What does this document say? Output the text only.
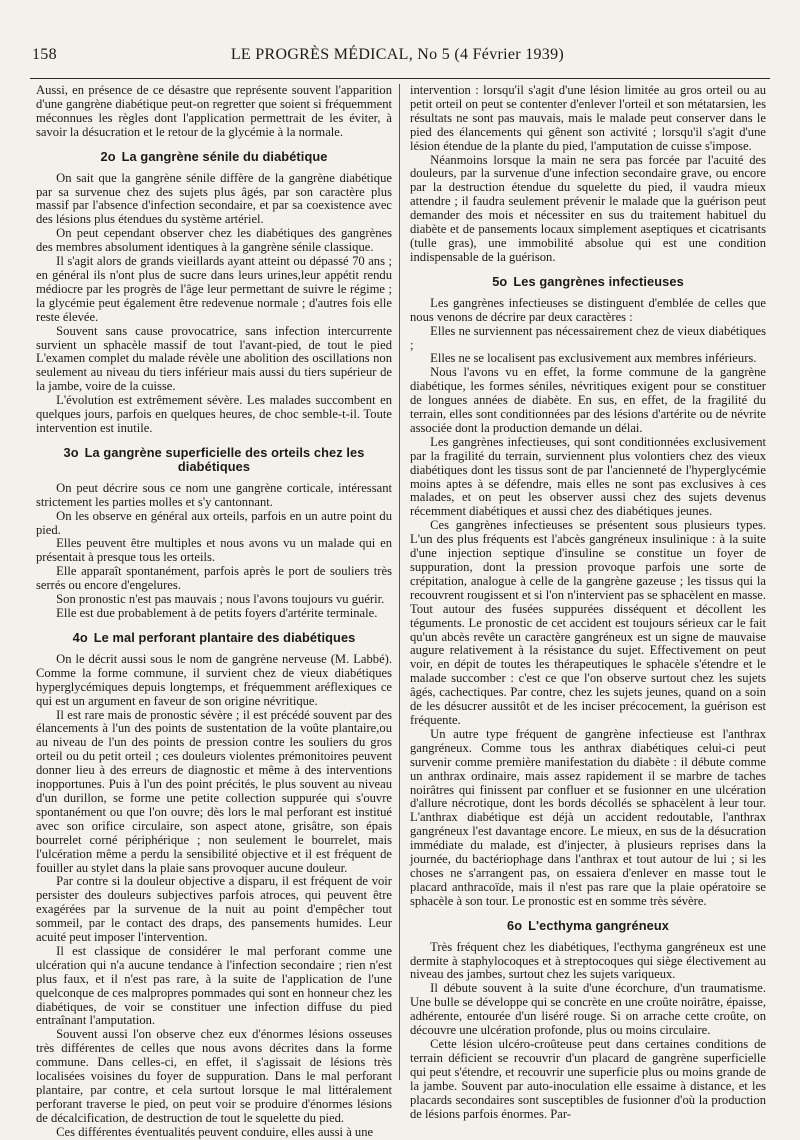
158	LE PROGRÈS MÉDICAL, No 5 (4 Février 1939)

Aussi, en présence de ce désastre que représente souvent l'apparition d'une gangrène diabétique peut-on regretter que soient si fréquemment méconnues les règles dont l'application permettrait de les éviter, à savoir la désucration et le retour de la glycémie à la normale.

2o La gangrène sénile du diabétique

On sait que la gangrène sénile diffère de la gangrène diabétique par sa survenue chez des sujets plus âgés, par son caractère plus massif par l'absence d'infection secondaire, et par sa coexistence avec des lésions plus étendues du système artériel.

On peut cependant observer chez les diabétiques des gangrènes des membres absolument identiques à la gangrène sénile classique.

Il s'agit alors de grands vieillards ayant atteint ou dépassé 70 ans ; en général ils n'ont plus de sucre dans leurs urines,leur appétit rendu médiocre par les progrès de l'âge leur permettant de suivre le régime ; la glycémie peut également être redevenue normale ; d'autres fois elle reste élevée.

Souvent sans cause provocatrice, sans infection intercurrente survient un sphacèle massif de tout l'avant-pied, de tout le pied L'examen complet du malade révèle une abolition des oscillations non seulement au niveau du tiers inférieur mais aussi du tiers supérieur de la jambe, voire de la cuisse.

L'évolution est extrêmement sévère. Les malades succombent en quelques jours, parfois en quelques heures, de choc semble-t-il. Toute intervention est inutile.

3o La gangrène superficielle des orteils chez les diabétiques

On peut décrire sous ce nom une gangrène corticale, intéressant strictement les parties molles et s'y cantonnant.

On les observe en général aux orteils, parfois en un autre point du pied.

Elles peuvent être multiples et nous avons vu un malade qui en présentait à presque tous les orteils.

Elle apparaît spontanément, parfois après le port de souliers très serrés ou encore d'engelures.

Son pronostic n'est pas mauvais ; nous l'avons toujours vu guérir.

Elle est due probablement à de petits foyers d'artérite terminale.

4o Le mal perforant plantaire des diabétiques

On le décrit aussi sous le nom de gangrène nerveuse (M. Labbé). Comme la forme commune, il survient chez de vieux diabétiques hyperglycémiques depuis longtemps, et fréquemment aréflexiques ce qui est un argument en faveur de son origine névritique.

Il est rare mais de pronostic sévère ; il est précédé souvent par des élancements à l'un des points de sustentation de la voûte plantaire,ou au niveau de l'un des points de pression contre les souliers du gros orteil ou du petit orteil ; ces douleurs violentes prémonitoires peuvent donner lieu à des erreurs de diagnostic et même à des interventions inopportunes. Puis à l'un des point précités, le plus souvent au niveau d'un durillon, se forme une petite collection suppurée qui s'ouvre spontanément ou que l'on ouvre; dès lors le mal perforant est institué avec son orifice circulaire, son aspect atone, grisâtre, son épais bourrelet corné périphérique ; non seulement le bourrelet, mais l'ulcération même a perdu la sensibilité objective et il est fréquent de fouiller au stylet dans la plaie sans provoquer aucune douleur.

Par contre si la douleur objective a disparu, il est fréquent de voir persister des douleurs subjectives parfois atroces, qui peuvent être exagérées par la survenue de la nuit au point d'empêcher tout sommeil, par le contact des draps, des pansements humides. Leur acuité peut imposer l'intervention.

Il est classique de considérer le mal perforant comme une ulcération qui n'a aucune tendance à l'infection secondaire ; rien n'est plus faux, et il n'est pas rare, à la suite de l'application de l'une quelconque de ces malpropres pommades qui sont en honneur chez les diabétiques, de voir se constituer une infection diffuse du pied entraînant l'amputation.

Souvent aussi l'on observe chez eux d'énormes lésions osseuses très différentes de celles que nous avons décrites dans la forme commune. Dans celles-ci, en effet, il s'agissait de lésions très localisées voisines du foyer de suppuration. Dans le mal perforant plantaire, par contre, et cela surtout lorsque le mal littéralement perforant traverse le pied, on peut voir se produire d'énormes lésions de décalcification, de destruction de tout le squelette du pied.

Ces différentes éventualités peuvent conduire, elles aussi à une

intervention : lorsqu'il s'agit d'une lésion limitée au gros orteil ou au petit orteil on peut se contenter d'enlever l'orteil et son métatarsien, les résultats ne sont pas mauvais, mais le malade peut conserver dans le pied des élancements qui gênent son activité ; lorsqu'il s'agit d'une lésion étendue de la plante du pied, l'amputation de cuisse s'impose.

Néanmoins lorsque la main ne sera pas forcée par l'acuité des douleurs, par la survenue d'une infection secondaire grave, ou encore par la destruction étendue du squelette du pied, il vaudra mieux attendre ; il faudra seulement prévenir le malade que la guérison peut demander des mois et nécessiter en sus du traitement habituel du diabète et de pansements locaux simplement aseptiques et cicatrisants (tulle gras), une immobilité absolue qui est une condition indispensable de la guérison.

5o Les gangrènes infectieuses

Les gangrènes infectieuses se distinguent d'emblée de celles que nous venons de décrire par deux caractères :

Elles ne surviennent pas nécessairement chez de vieux diabétiques ;

Elles ne se localisent pas exclusivement aux membres inférieurs.

Nous l'avons vu en effet, la forme commune de la gangrène diabétique, les formes séniles, névritiques exigent pour se constituer de longues années de diabète. En sus, en effet, de la fragilité du terrain, elles sont conditionnées par des lésions d'artérite ou de névrite associée dont la production demande un délai.

Les gangrènes infectieuses, qui sont conditionnées exclusivement par la fragilité du terrain, surviennent plus volontiers chez des vieux diabétiques dont les tissus sont de par l'ancienneté de l'hyperglycémie moins aptes à se défendre, mais elles ne sont pas exclusives à ces malades, et on peut les observer aussi chez des sujets devenus récemment diabétiques et aussi chez des diabétiques jeunes.

Ces gangrènes infectieuses se présentent sous plusieurs types. L'un des plus fréquents est l'abcès gangréneux insulinique : à la suite d'une injection septique d'insuline se constitue un foyer de suppuration, dont la pression provoque parfois une sorte de crépitation, analogue à celle de la gangrène gazeuse ; les tissus qui la recouvrent rougissent et si l'on n'intervient pas se sphacèlent en masse. Tout autour des fusées suppurées disséquent et décollent les téguments. Le pronostic de cet accident est toujours sérieux car le fait qu'un abcès revête un caractère gangréneux est un signe de mauvaise augure relativement à la résistance du sujet. Effectivement on peut voir, en dépit de toutes les thérapeutiques le sphacèle s'étendre et le malade succomber : c'est ce que l'on observe surtout chez les sujets âgés, cachectiques. Par contre, chez les sujets jeunes, quand on a soin de les désucrer aussitôt et de les inciser précocement, la guérison est fréquente.

Un autre type fréquent de gangrène infectieuse est l'anthrax gangréneux. Comme tous les anthrax diabétiques celui-ci peut survenir comme première manifestation du diabète : il débute comme un anthrax ordinaire, mais assez rapidement il se marbre de taches noirâtres qui finissent par confluer et se fusionner en une ulcération d'allure nécrotique, dont les bords décollés se sphacèlent à leur tour. L'anthrax diabétique est déjà un accident redoutable, l'anthrax gangréneux l'est davantage encore. Le mieux, en sus de la désucration immédiate du malade, est d'injecter, à plusieurs reprises dans la journée, du bactériophage dans l'anthrax et tout autour de lui ; si les choses ne s'arrangent pas, on essaiera d'enlever en masse tout le placard anthracoïde, mais il n'est pas rare que la plaie opératoire se sphacèle à son tour. Le pronostic est en somme très sévère.

6o L'ecthyma gangréneux

Très fréquent chez les diabétiques, l'ecthyma gangréneux est une dermite à staphylocoques et à streptocoques qui siège électivement au niveau des jambes, surtout chez les sujets variqueux.

Il débute souvent à la suite d'une écorchure, d'un traumatisme. Une bulle se développe qui se concrète en une croûte noirâtre, épaisse, adhérente, entourée d'un liséré rouge. Si on arrache cette croûte, on découvre une ulcération profonde, plus ou moins circulaire.

Cette lésion ulcéro-croûteuse peut dans certaines conditions de terrain déficient se recouvrir d'un placard de gangrène superficielle qui peut s'étendre, et recouvrir une superficie plus ou moins grande de la jambe. Souvent par auto-inoculation elle essaime à distance, et les placards secondaires sont susceptibles de fusionner d'où la production de lésions parfois énormes. Par-
